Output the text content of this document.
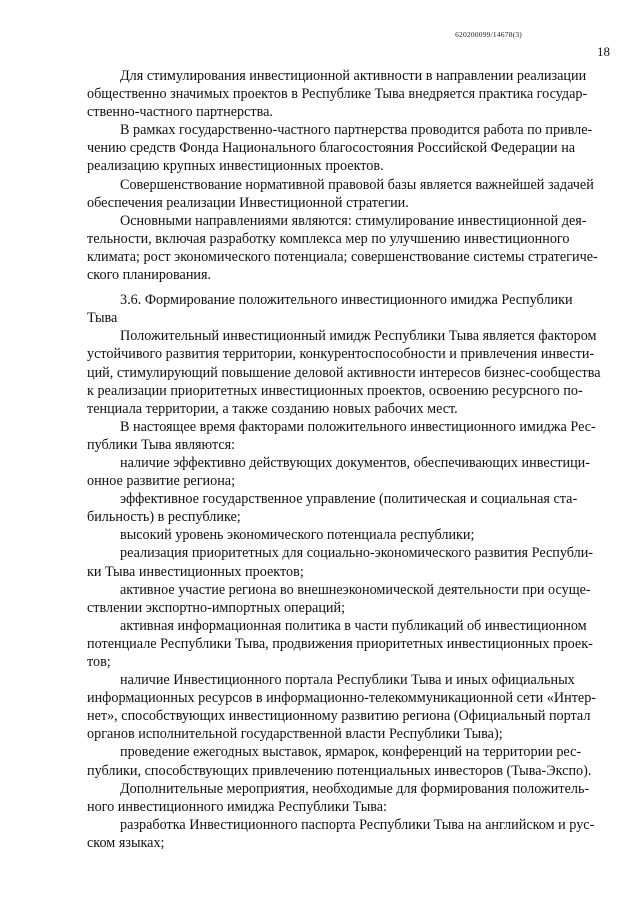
620200099/14678(3)
18

Для стимулирования инвестиционной активности в направлении реализации
общественно значимых проектов в Республике Тыва внедряется практика государ-
ственно-частного партнерства.

В рамках государственно-частного партнерства проводится работа по привле-
чению средств Фонда Национального благосостояния Российской Федерации на
реализацию крупных инвестиционных проектов.

Совершенствование нормативной правовой базы является важнейшей задачей
обеспечения реализации Инвестиционной стратегии.

Основными направлениями являются: стимулирование инвестиционной дея-
тельности, включая разработку комплекса мер по улучшению инвестиционного
климата; рост экономического потенциала; совершенствование системы стратегиче-
ского планирования.

3.6. Формирование положительного инвестиционного имиджа Республики
Тыва

Положительный инвестиционный имидж Республики Тыва является фактором
устойчивого развития территории, конкурентоспособности и привлечения инвести-
ций, стимулирующий повышение деловой активности интересов бизнес-сообщества
к реализации приоритетных инвестиционных проектов, освоению ресурсного по-
тенциала территории, а также созданию новых рабочих мест.

В настоящее время факторами положительного инвестиционного имиджа Рес-
публики Тыва являются:

наличие эффективно действующих документов, обеспечивающих инвестици-
онное развитие региона;

эффективное государственное управление (политическая и социальная ста-
бильность) в республике;

высокий уровень экономического потенциала республики;

реализация приоритетных для социально-экономического развития Республи-
ки Тыва инвестиционных проектов;

активное участие региона во внешнеэкономической деятельности при осуще-
ствлении экспортно-импортных операций;

активная информационная политика в части публикаций об инвестиционном
потенциале Республики Тыва, продвижения приоритетных инвестиционных проек-
тов;

наличие Инвестиционного портала Республики Тыва и иных официальных
информационных ресурсов в информационно-телекоммуникационной сети «Интер-
нет», способствующих инвестиционному развитию региона (Официальный портал
органов исполнительной государственной власти Республики Тыва);

проведение ежегодных выставок, ярмарок, конференций на территории рес-
публики, способствующих привлечению потенциальных инвесторов (Тыва-Экспо).

Дополнительные мероприятия, необходимые для формирования положитель-
ного инвестиционного имиджа Республики Тыва:

разработка Инвестиционного паспорта Республики Тыва на английском и рус-
ском языках;
